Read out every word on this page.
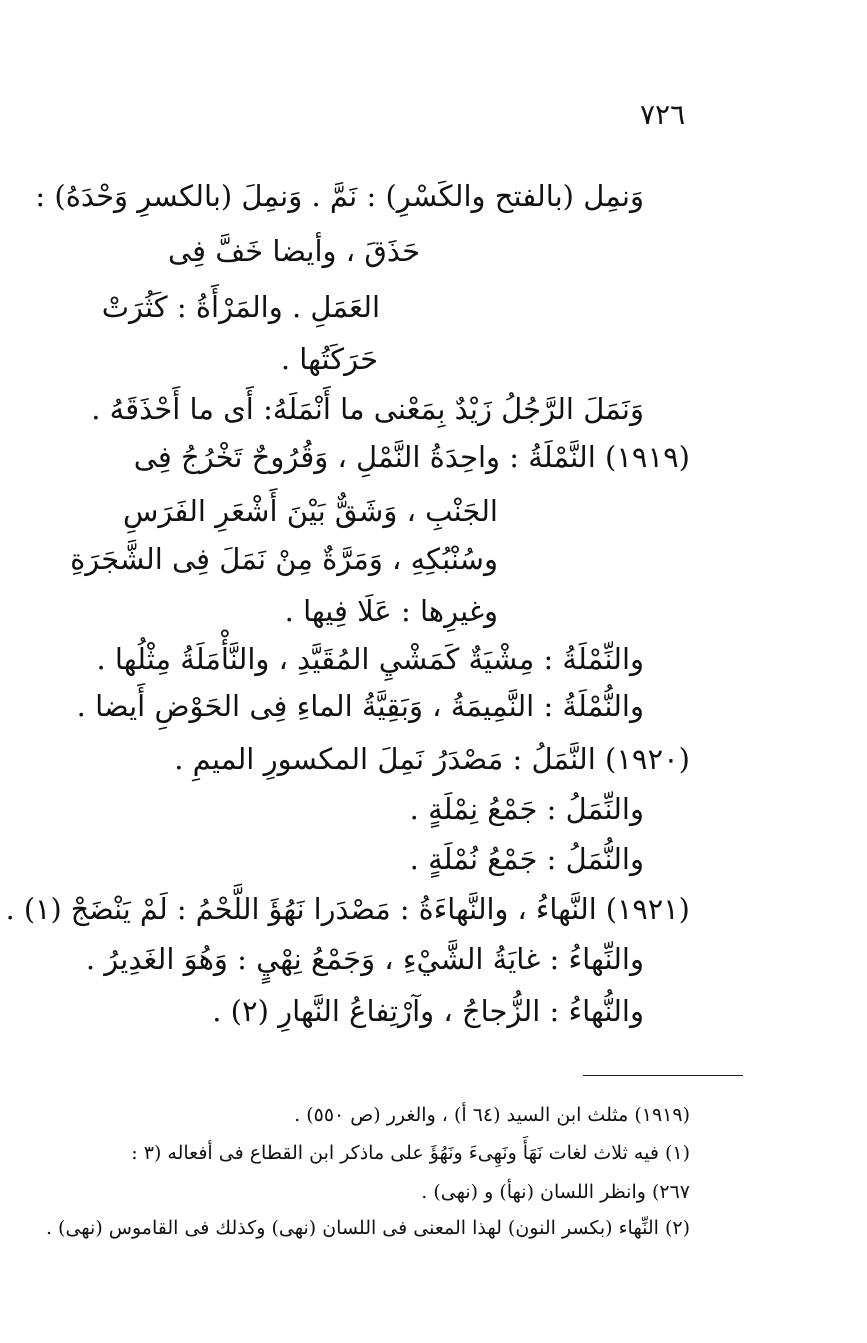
٧٢٦
وَنمِل (بالفتح والكَسْرِ) : نَمَّ . وَنمِلَ (بالكسرِ وَحْدَهُ) :
حَذَقَ ، وأيضا خَفَّ فِى
العَمَلِ . والمَرْأَةُ : كَثُرَتْ
حَرَكَتُها .
وَنَمَلَ الرَّجُلُ زَيْدٌ بِمَعْنى ما أَنْمَلَهُ: أَى ما أَحْذَقَهُ .
(١٩١٩) النَّمْلَةُ : واحِدَةُ النَّمْلِ ، وَقُرُوحٌ تَخْرُجُ فِى
الجَنْبِ ، وَشَقٌّ بَيْنَ أَشْعَرِ الفَرَسِ
وسُنْبُكِهِ ، وَمَرَّةٌ مِنْ نَمَلَ فِى الشَّجَرَةِ
وغيرِها : عَلَا فِيها .
والنِّمْلَةُ : مِشْيَةٌ كَمَشْيِ المُقَيَّدِ ، والنَّأْمَلَةُ مِثْلُها .
والنُّمْلَةُ : النَّمِيمَةُ ، وَبَقِيَّةُ الماءِ فِى الحَوْضِ أَيضا .
(١٩٢٠) النَّمَلُ : مَصْدَرُ نَمِلَ المكسورِ الميمِ .
والنِّمَلُ : جَمْعُ نِمْلَةٍ .
والنُّمَلُ : جَمْعُ نُمْلَةٍ .
(١٩٢١) النَّهاءُ ، والنَّهاءَةُ : مَصْدَرا نَهُؤَ اللَّحْمُ : لَمْ يَنْضَجْ (١) .
والنِّهاءُ : غايَةُ الشَّيْءِ ، وَجَمْعُ نِهْيٍ : وَهُوَ الغَدِيرُ .
والنُّهاءُ : الزُّجاجُ ، وآرْتِفاعُ النَّهارِ (٢) .
(١٩١٩) مثلث ابن السيد (٦٤ أ) ، والغرر (ص ٥٥٠) .
(١) فيه ثلاث لغات نَهَأَ ونَهِىءَ ونَهُؤَ على ماذكر ابن القطاع فى أفعاله (٣ :
٢٦٧) وانظر اللسان (نهأ) و (نهى) .
(٢) النِّهاء (بكسر النون) لهذا المعنى فى اللسان (نهى) وكذلك فى القاموس (نهى) .
